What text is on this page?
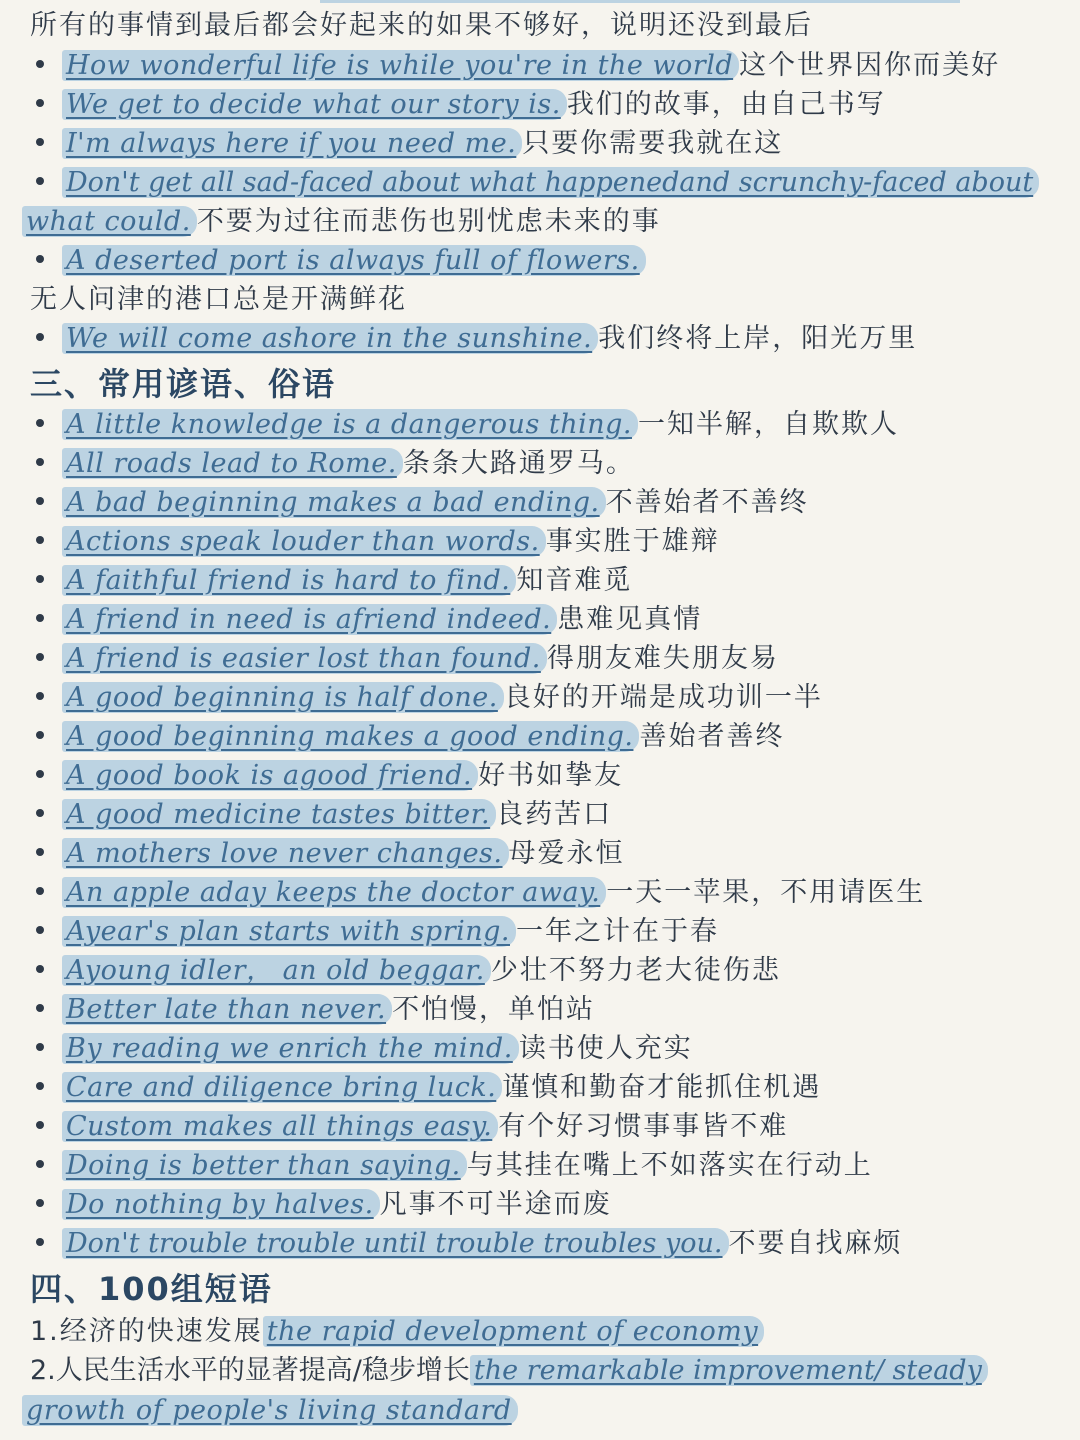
所有的事情到最后都会好起来的如果不够好，说明还没到最后
How wonderful life is while you're in the world 这个世界因你而美好
We get to decide what our story is. 我们的故事，由自己书写
I'm always here if you need me. 只要你需要我就在这
Don't get all sad-faced about what happenedand scrunchy-faced about
what could. 不要为过往而悲伤也别忧虑未来的事
A deserted port is always full of flowers.
无人问津的港口总是开满鲜花
We will come ashore in the sunshine. 我们终将上岸，阳光万里
三、常用谚语、俗语
A little knowledge is a dangerous thing. 一知半解，自欺欺人
All roads lead to Rome. 条条大路通罗马。
A bad beginning makes a bad ending. 不善始者不善终
Actions speak louder than words. 事实胜于雄辩
A faithful friend is hard to find. 知音难觅
A friend in need is afriend indeed. 患难见真情
A friend is easier lost than found. 得朋友难失朋友易
A good beginning is half done. 良好的开端是成功训一半
A good beginning makes a good ending. 善始者善终
A good book is agood friend. 好书如挚友
A good medicine tastes bitter. 良药苦口
A mothers love never changes. 母爱永恒
An apple aday keeps the doctor away. 一天一苹果，不用请医生
Ayear's plan starts with spring. 一年之计在于春
Ayoung idler， an old beggar. 少壮不努力老大徒伤悲
Better late than never. 不怕慢，单怕站
By reading we enrich the mind. 读书使人充实
Care and diligence bring luck. 谨慎和勤奋才能抓住机遇
Custom makes all things easy. 有个好习惯事事皆不难
Doing is better than saying. 与其挂在嘴上不如落实在行动上
Do nothing by halves. 凡事不可半途而废
Don't trouble trouble until trouble troubles you. 不要自找麻烦
四、100组短语
1.经济的快速发展 the rapid development of economy
2.人民生活水平的显著提高/稳步增长 the remarkable improvement/ steady
growth of people's living standard
